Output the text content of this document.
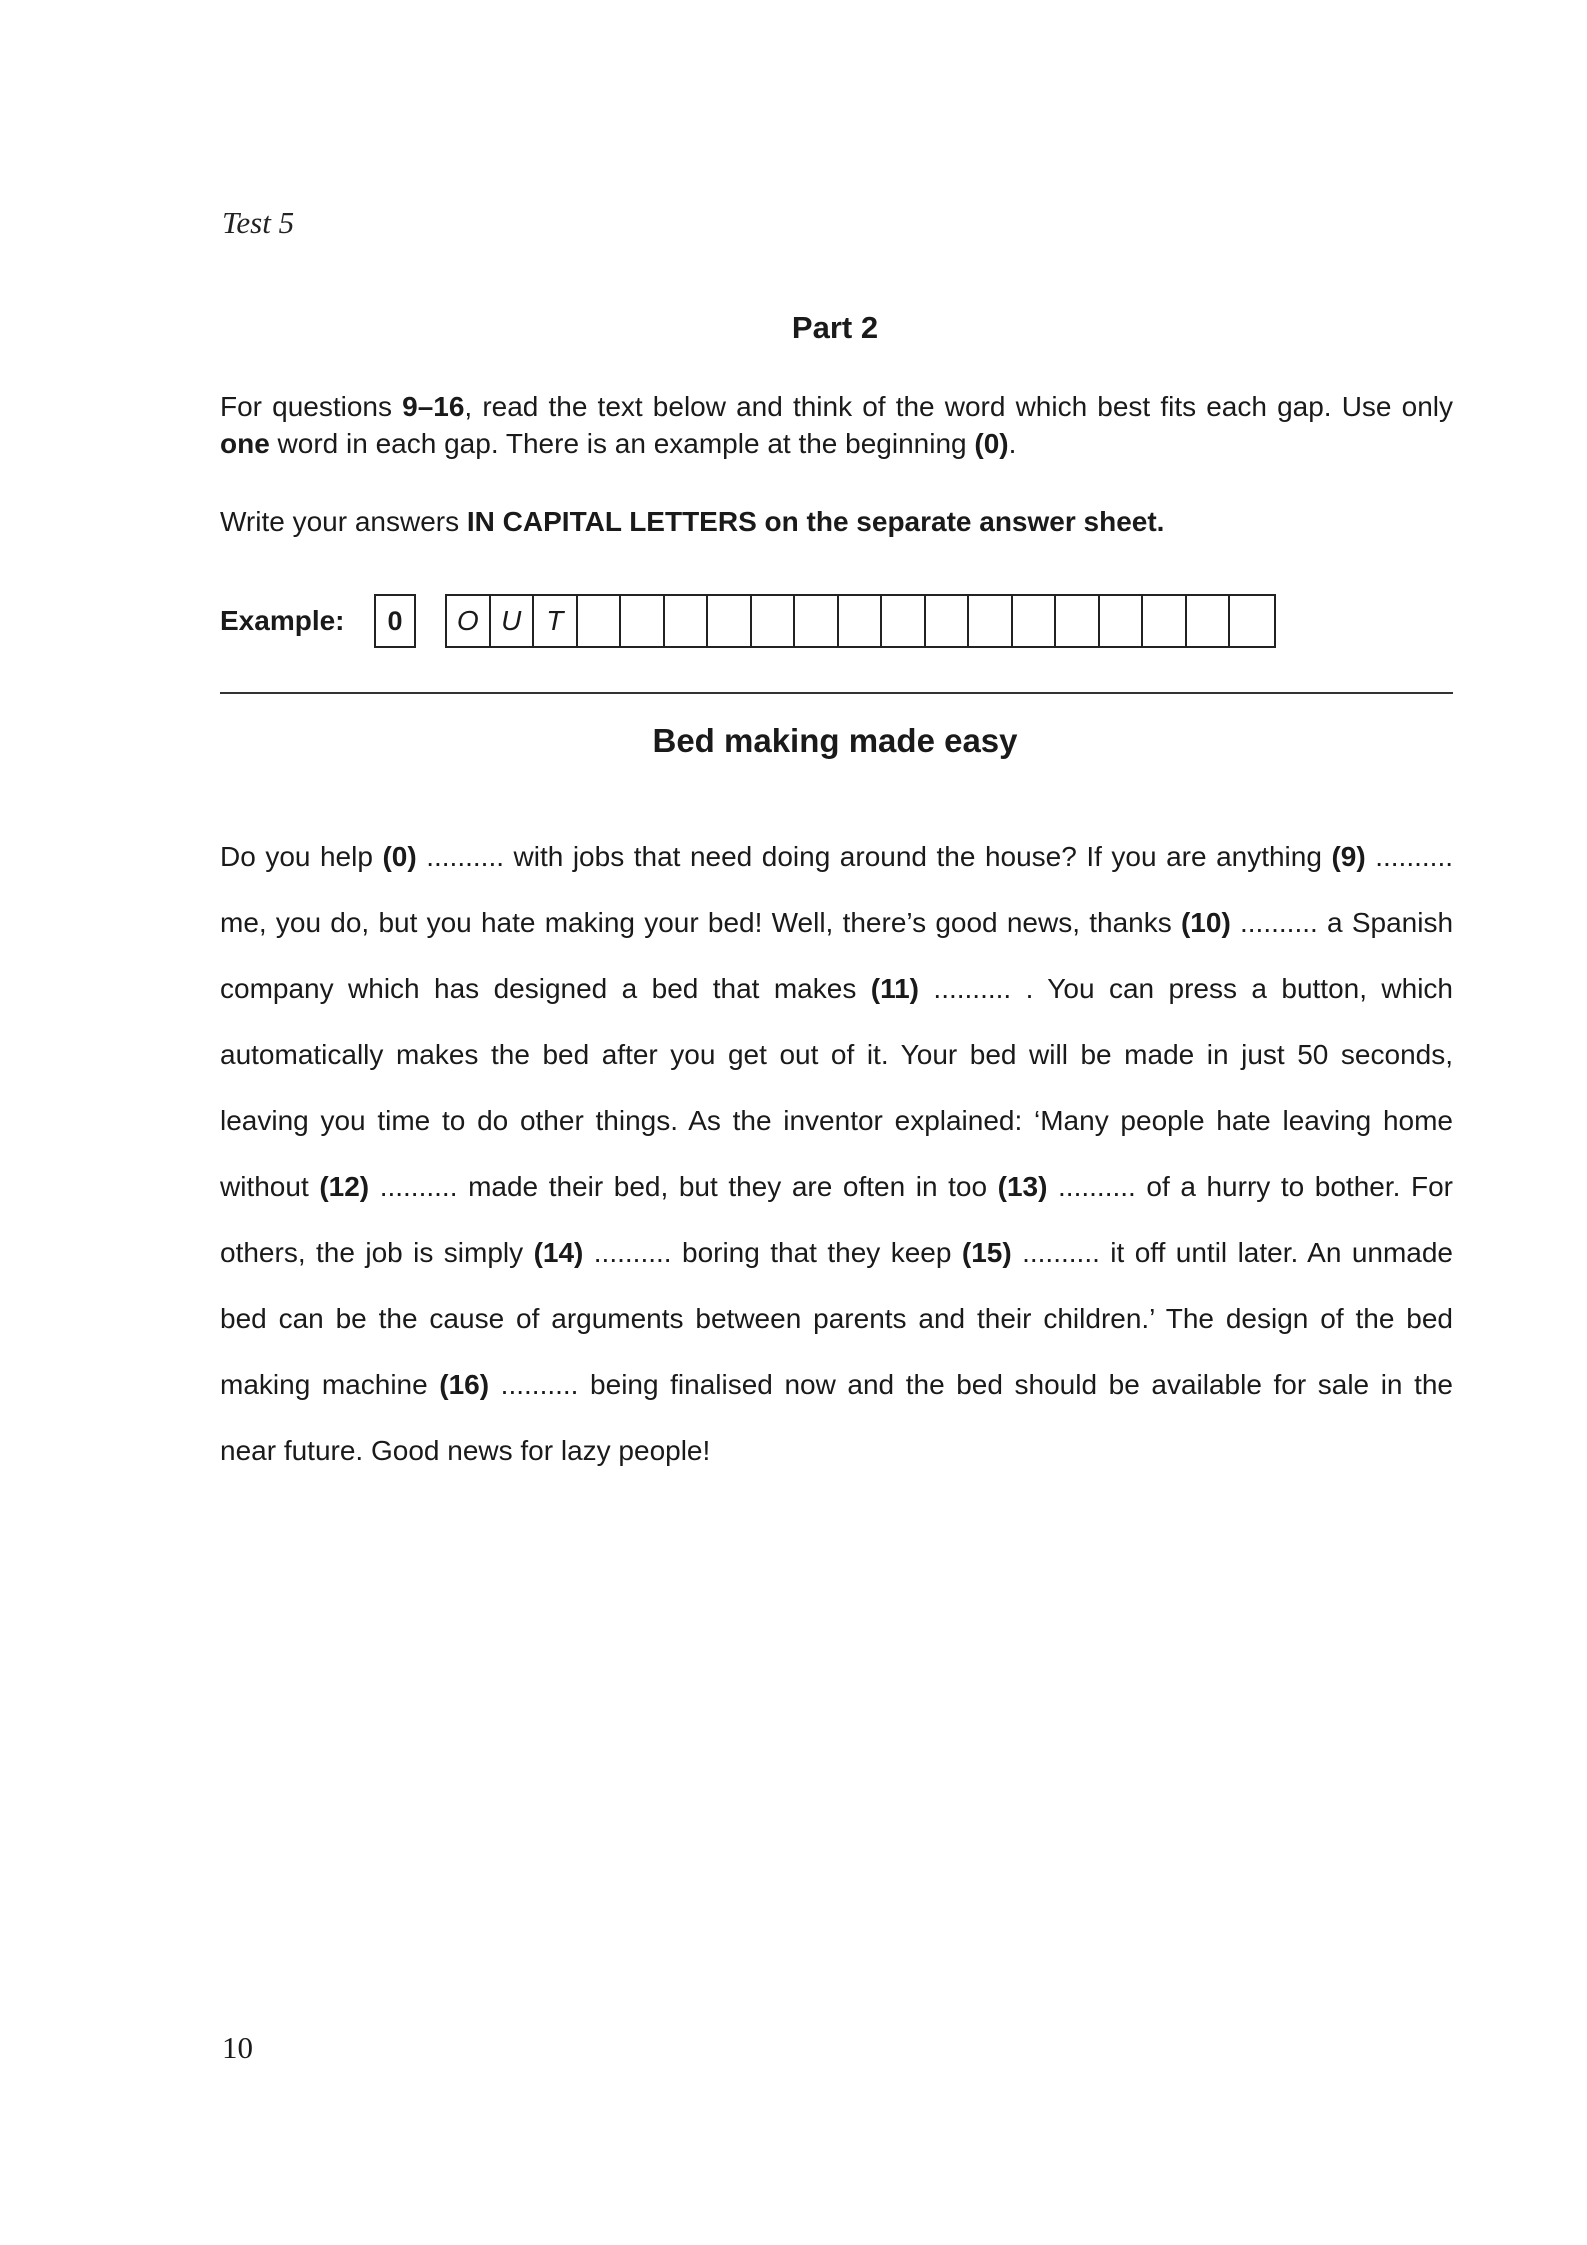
Test 5
Part 2

For questions 9–16, read the text below and think of the word which best fits each gap. Use only one word in each gap. There is an example at the beginning (0).

Write your answers IN CAPITAL LETTERS on the separate answer sheet.

Example:	0	O U T
Bed making made easy

Do you help (0) .......... with jobs that need doing around the house? If you are anything (9) .......... me, you do, but you hate making your bed! Well, there’s good news, thanks (10) .......... a Spanish company which has designed a bed that makes (11) .......... . You can press a button, which automatically makes the bed after you get out of it. Your bed will be made in just 50 seconds, leaving you time to do other things. As the inventor explained: ‘Many people hate leaving home without (12) .......... made their bed, but they are often in too (13) .......... of a hurry to bother. For others, the job is simply (14) .......... boring that they keep (15) .......... it off until later. An unmade bed can be the cause of arguments between parents and their children.’ The design of the bed making machine (16) .......... being finalised now and the bed should be available for sale in the near future. Good news for lazy people!

10
